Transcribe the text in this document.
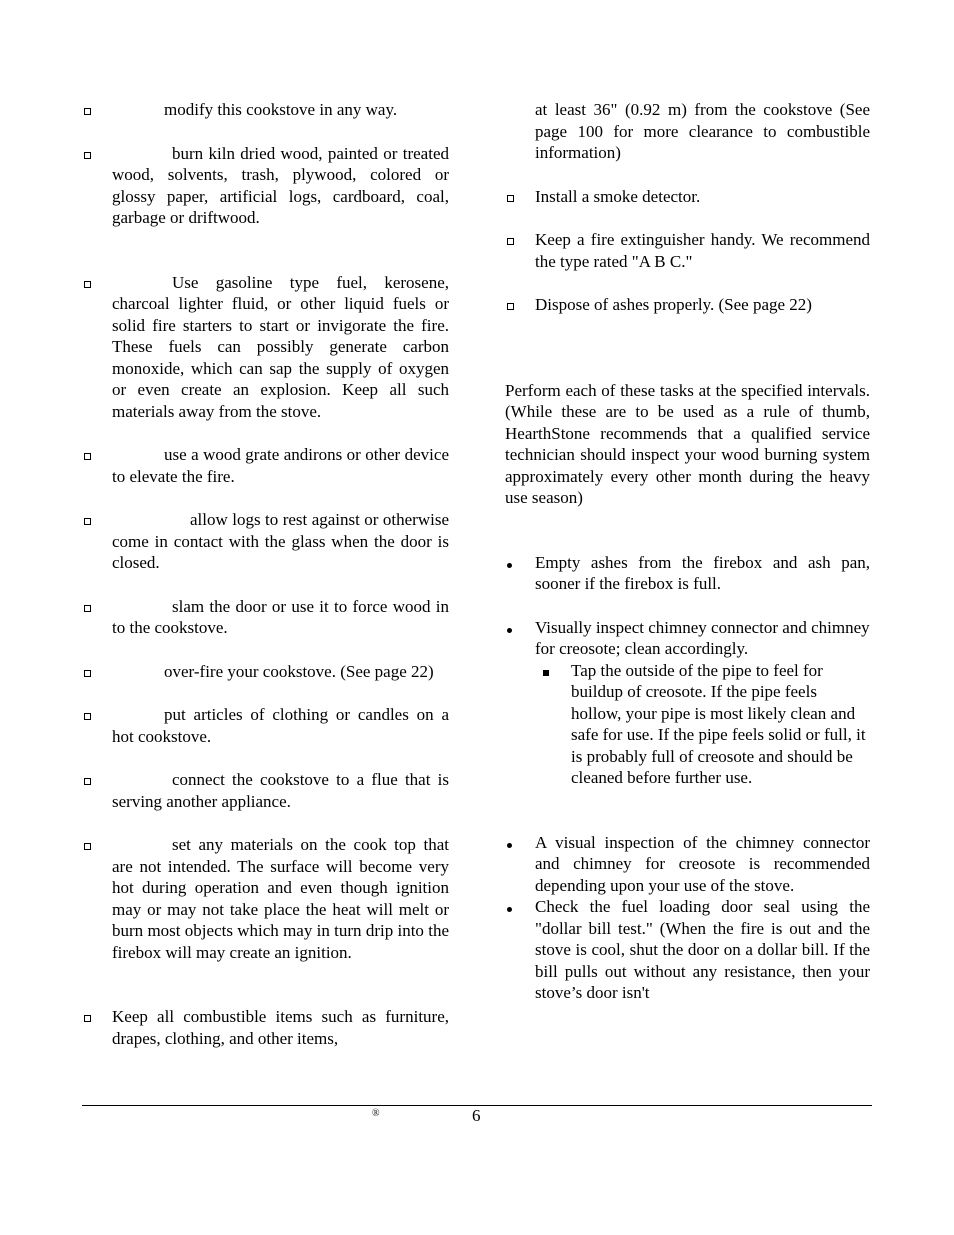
modify this cookstove in any way.
burn kiln dried wood, painted or treated wood, solvents, trash, plywood, colored or glossy paper, artificial logs, cardboard, coal, garbage or driftwood.
Use gasoline type fuel, kerosene, charcoal lighter fluid, or other liquid fuels or solid fire starters to start or invigorate the fire. These fuels can possibly generate carbon monoxide, which can sap the supply of oxygen or even create an explosion. Keep all such materials away from the stove.
use a wood grate andirons or other device to elevate the fire.
allow logs to rest against or otherwise come in contact with the glass when the door is closed.
slam the door or use it to force wood in to the cookstove.
over-fire your cookstove. (See page 22)
put articles of clothing or candles on a hot cookstove.
connect the cookstove to a flue that is serving another appliance.
set any materials on the cook top that are not intended. The surface will become very hot during operation and even though ignition may or may not take place the heat will melt or burn most objects which may in turn drip into the firebox will may create an ignition.
Keep all combustible items such as furniture, drapes, clothing, and other items,
at least 36" (0.92 m) from the cookstove (See page 100 for more clearance to combustible information)
Install a smoke detector.
Keep a fire extinguisher handy. We recommend the type rated "A B C."
Dispose of ashes properly. (See page 22)

Perform each of these tasks at the specified intervals. (While these are to be used as a rule of thumb, HearthStone recommends that a qualified service technician should inspect your wood burning system approximately every other month during the heavy use season)

Empty ashes from the firebox and ash pan, sooner if the firebox is full.
Visually inspect chimney connector and chimney for creosote; clean accordingly.
Tap the outside of the pipe to feel for buildup of creosote. If the pipe feels hollow, your pipe is most likely clean and safe for use. If the pipe feels solid or full, it is probably full of creosote and should be cleaned before further use.
A visual inspection of the chimney connector and chimney for creosote is recommended depending upon your use of the stove.
Check the fuel loading door seal using the "dollar bill test." (When the fire is out and the stove is cool, shut the door on a dollar bill. If the bill pulls out without any resistance, then your stove’s door isn't
®	6
